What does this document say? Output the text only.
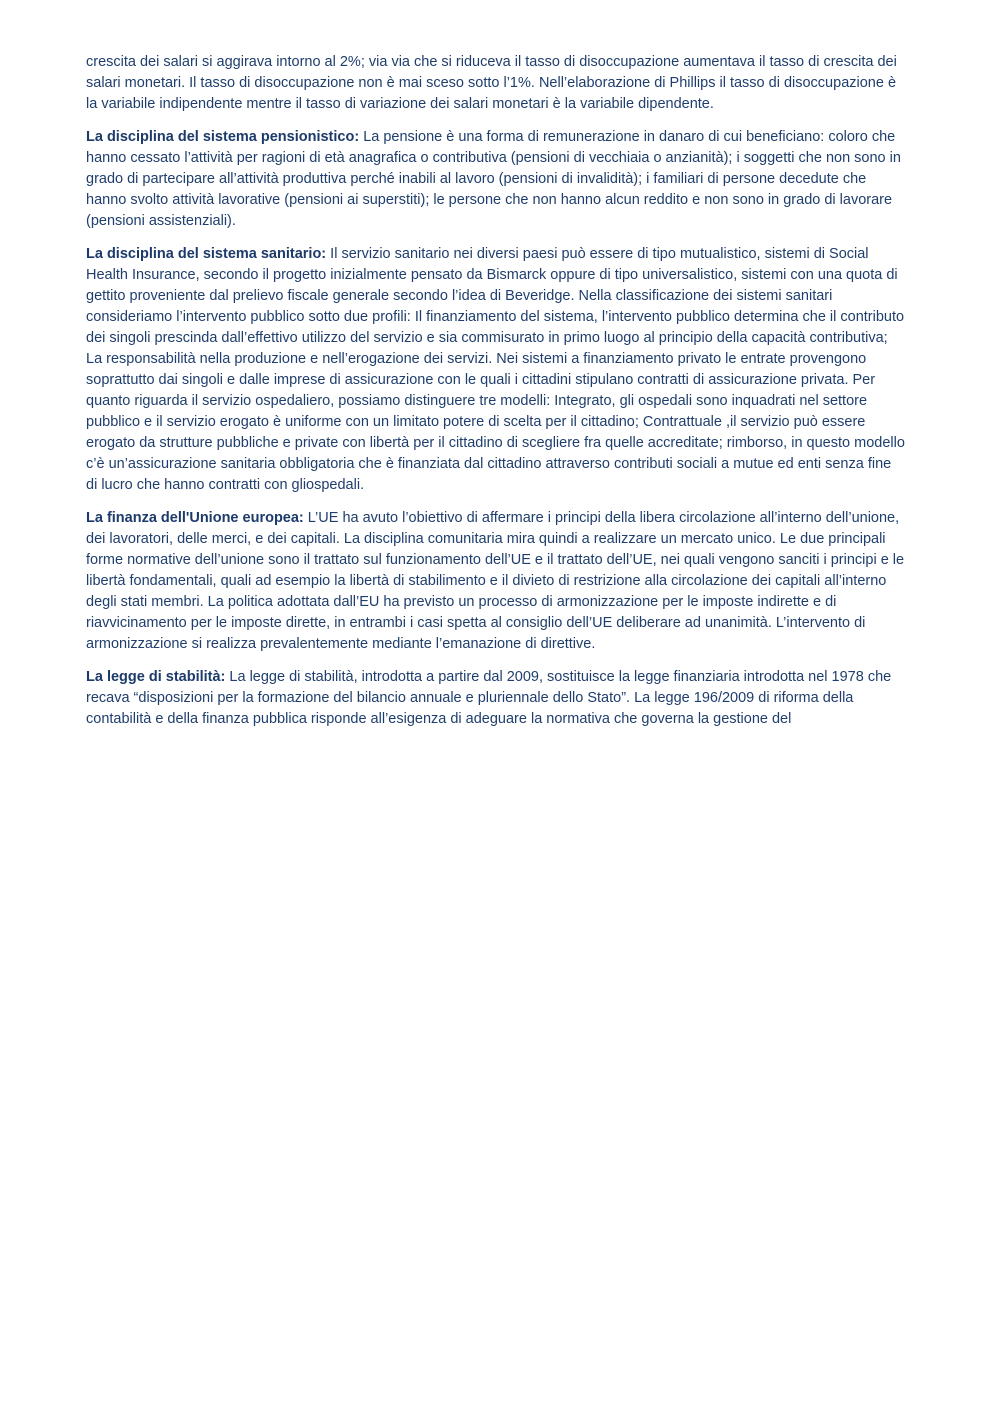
crescita dei salari si aggirava intorno al 2%; via via che si riduceva il tasso di disoccupazione aumentava il tasso di crescita dei salari monetari. Il tasso di disoccupazione non è mai sceso sotto l’1%. Nell’elaborazione di Phillips il tasso di disoccupazione è la variabile indipendente mentre il tasso di variazione dei salari monetari è la variabile dipendente.

La disciplina del sistema pensionistico: La pensione è una forma di remunerazione in danaro di cui beneficiano: coloro che hanno cessato l’attività per ragioni di età anagrafica o contributiva (pensioni di vecchiaia o anzianità); i soggetti che non sono in grado di partecipare all’attività produttiva perché inabili al lavoro (pensioni di invalidità); i familiari di persone decedute che hanno svolto attività lavorative (pensioni ai superstiti); le persone che non hanno alcun reddito e non sono in grado di lavorare (pensioni assistenziali).

La disciplina del sistema sanitario: Il servizio sanitario nei diversi paesi può essere di tipo mutualistico, sistemi di Social Health Insurance, secondo il progetto inizialmente pensato da Bismarck oppure di tipo universalistico, sistemi con una quota di gettito proveniente dal prelievo fiscale generale secondo l’idea di Beveridge. Nella classificazione dei sistemi sanitari consideriamo l’intervento pubblico sotto due profili: Il finanziamento del sistema, l’intervento pubblico determina che il contributo dei singoli prescinda dall’effettivo utilizzo del servizio e sia commisurato in primo luogo al principio della capacità contributiva; La responsabilità nella produzione e nell’erogazione dei servizi. Nei sistemi a finanziamento privato le entrate provengono soprattutto dai singoli e dalle imprese di assicurazione con le quali i cittadini stipulano contratti di assicurazione privata. Per quanto riguarda il servizio ospedaliero, possiamo distinguere tre modelli: Integrato, gli ospedali sono inquadrati nel settore pubblico e il servizio erogato è uniforme con un limitato potere di scelta per il cittadino; Contrattuale ,il servizio può essere erogato da strutture pubbliche e private con libertà per il cittadino di scegliere fra quelle accreditate; rimborso, in questo modello c’è un’assicurazione sanitaria obbligatoria che è finanziata dal cittadino attraverso contributi sociali a mutue ed enti senza fine di lucro che hanno contratti con gliospedali.

La finanza dell'Unione europea: L’UE ha avuto l’obiettivo di affermare i principi della libera circolazione all’interno dell’unione, dei lavoratori, delle merci, e dei capitali. La disciplina comunitaria mira quindi a realizzare un mercato unico. Le due principali forme normative dell’unione sono il trattato sul funzionamento dell’UE e il trattato dell’UE, nei quali vengono sanciti i principi e le libertà fondamentali, quali ad esempio la libertà di stabilimento e il divieto di restrizione alla circolazione dei capitali all’interno degli stati membri. La politica adottata dall’EU ha previsto un processo di armonizzazione per le imposte indirette e di riavvicinamento per le imposte dirette, in entrambi i casi spetta al consiglio dell’UE deliberare ad unanimità. L’intervento di armonizzazione si realizza prevalentemente mediante l’emanazione di direttive.

La legge di stabilità: La legge di stabilità, introdotta a partire dal 2009, sostituisce la legge finanziaria introdotta nel 1978 che recava “disposizioni per la formazione del bilancio annuale e pluriennale dello Stato”. La legge 196/2009 di riforma della contabilità e della finanza pubblica risponde all’esigenza di adeguare la normativa che governa la gestione del
